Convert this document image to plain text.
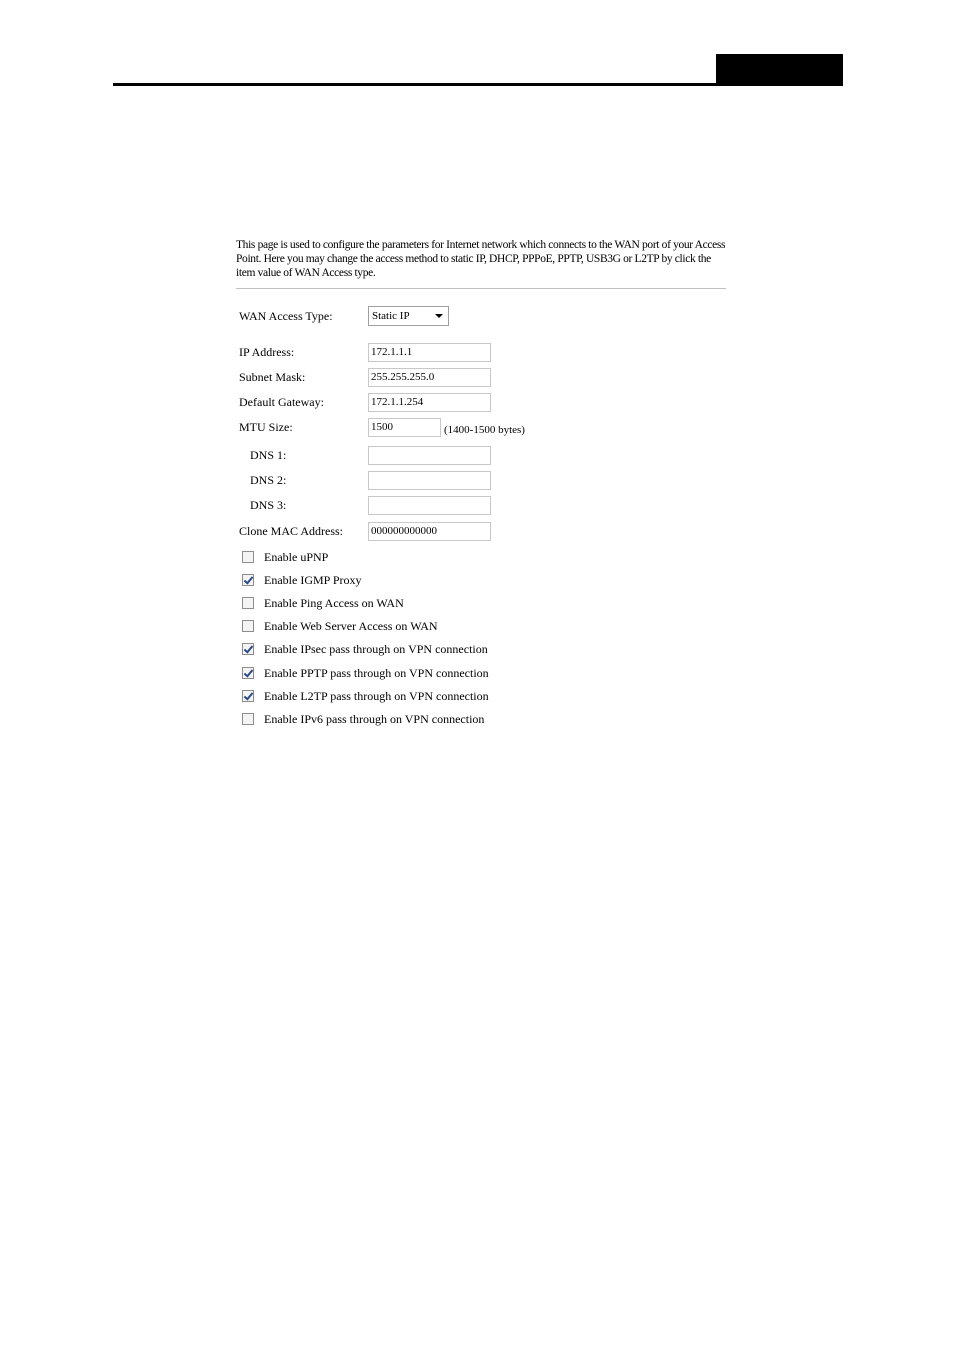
This page is used to configure the parameters for Internet network which connects to the WAN port of your Access Point. Here you may change the access method to static IP, DHCP, PPPoE, PPTP, USB3G or L2TP by click the item value of WAN Access type.

WAN Access Type:	Static IP
IP Address:	172.1.1.1
Subnet Mask:	255.255.255.0
Default Gateway:	172.1.1.254
MTU Size:	1500	(1400-1500 bytes)
DNS 1:
DNS 2:
DNS 3:
Clone MAC Address:	000000000000
Enable uPNP
Enable IGMP Proxy
Enable Ping Access on WAN
Enable Web Server Access on WAN
Enable IPsec pass through on VPN connection
Enable PPTP pass through on VPN connection
Enable L2TP pass through on VPN connection
Enable IPv6 pass through on VPN connection
